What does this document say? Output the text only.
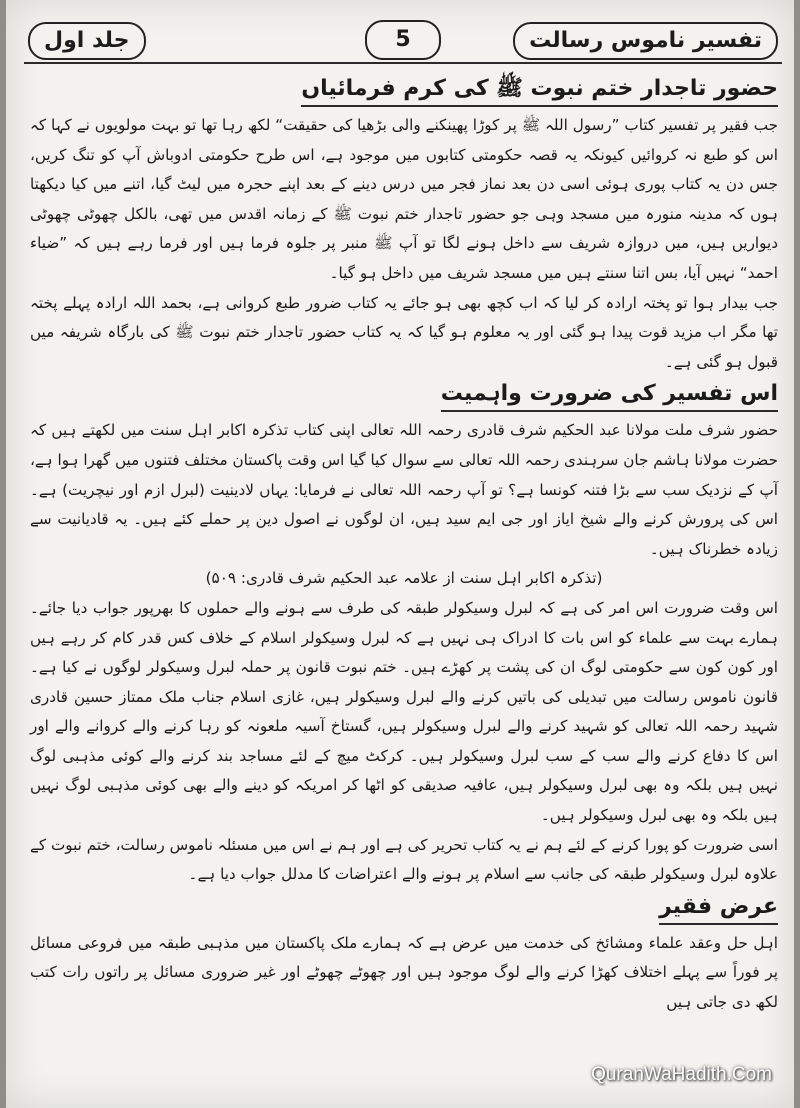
جلد اول	5	تفسیر ناموس رسالت
حضور تاجدار ختم نبوت ﷺ کی کرم فرمائیاں

جب فقیر پر تفسیر کتاب ”رسول اللہ ﷺ پر کوڑا پھینکنے والی بڑھیا کی حقیقت“ لکھ رہا تھا تو بہت مولویوں نے کہا کہ اس کو طبع نہ کروائیں کیونکہ یہ قصہ حکومتی کتابوں میں موجود ہے، اس طرح حکومتی ادوباش آپ کو تنگ کریں، جس دن یہ کتاب پوری ہوئی اسی دن بعد نماز فجر میں درس دینے کے بعد اپنے حجرہ میں لیٹ گیا، اتنے میں کیا دیکھتا ہوں کہ مدینہ منورہ میں مسجد وہی جو حضور تاجدار ختم نبوت ﷺ کے زمانہ اقدس میں تھی، بالکل چھوٹی چھوٹی دیواریں ہیں، میں دروازہ شریف سے داخل ہونے لگا تو آپ ﷺ منبر پر جلوہ فرما ہیں اور فرما رہے ہیں کہ ”ضیاء احمد“ نہیں آیا، بس اتنا سنتے ہیں میں مسجد شریف میں داخل ہو گیا۔

جب بیدار ہوا تو پختہ ارادہ کر لیا کہ اب کچھ بھی ہو جائے یہ کتاب ضرور طبع کروانی ہے، بحمد اللہ ارادہ پہلے پختہ تھا مگر اب مزید قوت پیدا ہو گئی اور یہ معلوم ہو گیا کہ یہ کتاب حضور تاجدار ختم نبوت ﷺ کی بارگاہ شریفہ میں قبول ہو گئی ہے۔

اس تفسیر کی ضرورت واہمیت

حضور شرف ملت مولانا عبد الحکیم شرف قادری رحمہ اللہ تعالی اپنی کتاب تذکرہ اکابر اہل سنت میں لکھتے ہیں کہ حضرت مولانا ہاشم جان سرہندی رحمہ اللہ تعالی سے سوال کیا گیا اس وقت پاکستان مختلف فتنوں میں گھرا ہوا ہے، آپ کے نزدیک سب سے بڑا فتنہ کونسا ہے؟ تو آپ رحمہ اللہ تعالی نے فرمایا: یہاں لادینیت (لبرل ازم اور نیچریت) ہے۔ اس کی پرورش کرنے والے شیخ ایاز اور جی ایم سید ہیں، ان لوگوں نے اصول دین پر حملے کئے ہیں۔ یہ قادیانیت سے زیادہ خطرناک ہیں۔

(تذکرہ اکابر اہل سنت از علامہ عبد الحکیم شرف قادری: ۵۰۹)

اس وقت ضرورت اس امر کی ہے کہ لبرل وسیکولر طبقہ کی طرف سے ہونے والے حملوں کا بھرپور جواب دیا جائے۔ ہمارے بہت سے علماء کو اس بات کا ادراک ہی نہیں ہے کہ لبرل وسیکولر اسلام کے خلاف کس قدر کام کر رہے ہیں اور کون کون سے حکومتی لوگ ان کی پشت پر کھڑے ہیں۔ ختم نبوت قانون پر حملہ لبرل وسیکولر لوگوں نے کیا ہے۔ قانون ناموس رسالت میں تبدیلی کی باتیں کرنے والے لبرل وسیکولر ہیں، غازی اسلام جناب ملک ممتاز حسین قادری شہید رحمہ اللہ تعالی کو شہید کرنے والے لبرل وسیکولر ہیں، گستاخ آسیہ ملعونہ کو رہا کرنے والے کروانے والے اور اس کا دفاع کرنے والے سب کے سب لبرل وسیکولر ہیں۔ کرکٹ میچ کے لئے مساجد بند کرنے والے کوئی مذہبی لوگ نہیں ہیں بلکہ وہ بھی لبرل وسیکولر ہیں، عافیہ صدیقی کو اٹھا کر امریکہ کو دینے والے بھی کوئی مذہبی لوگ نہیں ہیں بلکہ وہ بھی لبرل وسیکولر ہیں۔

اسی ضرورت کو پورا کرنے کے لئے ہم نے یہ کتاب تحریر کی ہے اور ہم نے اس میں مسئلہ ناموس رسالت، ختم نبوت کے علاوہ لبرل وسیکولر طبقہ کی جانب سے اسلام پر ہونے والے اعتراضات کا مدلل جواب دیا ہے۔

عرض فقیر

اہل حل وعقد علماء ومشائخ کی خدمت میں عرض ہے کہ ہمارے ملک پاکستان میں مذہبی طبقہ میں فروعی مسائل پر فوراً سے پہلے اختلاف کھڑا کرنے والے لوگ موجود ہیں اور چھوٹے چھوٹے اور غیر ضروری مسائل پر راتوں رات کتب لکھ دی جاتی ہیں

QuranWaHadith.Com
